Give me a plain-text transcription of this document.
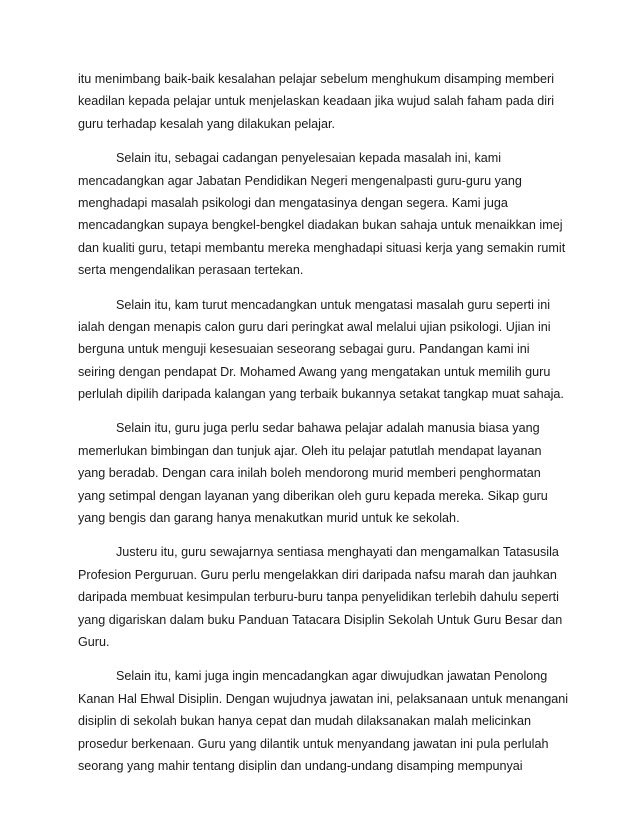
itu menimbang baik-baik kesalahan pelajar sebelum menghukum disamping memberi
keadilan kepada pelajar untuk menjelaskan keadaan jika wujud salah faham pada diri
guru terhadap kesalah yang dilakukan pelajar.
Selain itu, sebagai cadangan penyelesaian kepada masalah ini, kami
mencadangkan agar Jabatan Pendidikan Negeri mengenalpasti guru-guru yang
menghadapi masalah psikologi dan mengatasinya dengan segera. Kami juga
mencadangkan supaya bengkel-bengkel diadakan bukan sahaja untuk menaikkan imej
dan kualiti guru, tetapi membantu mereka menghadapi situasi kerja yang semakin rumit
serta mengendalikan perasaan tertekan.
Selain itu, kam turut mencadangkan untuk mengatasi masalah guru seperti ini
ialah dengan menapis calon guru dari peringkat awal melalui ujian psikologi. Ujian ini
berguna untuk menguji kesesuaian seseorang sebagai guru. Pandangan kami ini
seiring dengan pendapat Dr. Mohamed Awang yang mengatakan untuk memilih guru
perlulah dipilih daripada kalangan yang terbaik bukannya setakat tangkap muat sahaja.
Selain itu, guru juga perlu sedar bahawa pelajar adalah manusia biasa yang
memerlukan bimbingan dan tunjuk ajar. Oleh itu pelajar patutlah mendapat layanan
yang beradab. Dengan cara inilah boleh mendorong murid memberi penghormatan
yang setimpal dengan layanan yang diberikan oleh guru kepada mereka. Sikap guru
yang bengis dan garang hanya menakutkan murid untuk ke sekolah.
Justeru itu, guru sewajarnya sentiasa menghayati dan mengamalkan Tatasusila
Profesion Perguruan. Guru perlu mengelakkan diri daripada nafsu marah dan jauhkan
daripada membuat kesimpulan terburu-buru tanpa penyelidikan terlebih dahulu seperti
yang digariskan dalam buku Panduan Tatacara Disiplin Sekolah Untuk Guru Besar dan
Guru.
Selain itu, kami juga ingin mencadangkan agar diwujudkan jawatan Penolong
Kanan Hal Ehwal Disiplin. Dengan wujudnya jawatan ini, pelaksanaan untuk menangani
disiplin di sekolah bukan hanya cepat dan mudah dilaksanakan malah melicinkan
prosedur berkenaan. Guru yang dilantik untuk menyandang jawatan ini pula perlulah
seorang yang mahir tentang disiplin dan undang-undang disamping mempunyai
